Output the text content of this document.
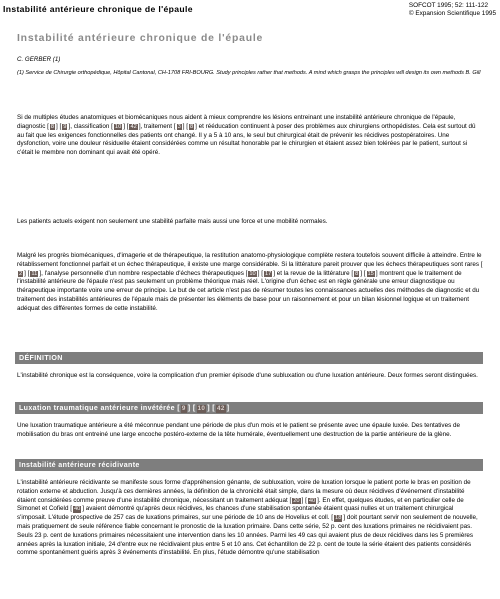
Instabilité antérieure chronique de l'épaule	SOFCOT 1995; 52: 111-122
© Expansion Scientifique 1995
Instabilité antérieure chronique de l'épaule
C. GERBER (1)
(1) Service de Chirurgie orthopédique, Hôpital Cantonal, CH-1708 FRI-BOURG. Study principles rather that methods. A mind which grasps the principles will design its own methods B. Gill

Si de multiples études anatomiques et biomécaniques nous aident à mieux comprendre les lésions entreinant une instabilité antérieure chronique de l'épaule, diagnostic [ 8 ] [ 9 ], classification [ 10 ] [ 42 ], traitement [ 3 ] [ 8 ] et rééducation continuent à poser des problèmes aux chirurgiens orthopédistes. Cela est surtout dû au fait que les exigences fonctionnelles des patients ont changé. Il y a 5 à 10 ans, le seul but chirurgical était de prévenir les récidives postopératoires. Une dysfonction, voire une douleur résiduelle étaient considérées comme un résultat honorable par le chirurgien et étaient assez bien tolérées par le patient, surtout si c'était le membre non dominant qui avait été opéré.

Les patients actuels exigent non seulement une stabilité parfaite mais aussi une force et une mobilité normales.

Malgré les progrès biomécaniques, d'imagerie et de thérapeutique, la restitution anatomo-physiologique complète restera toutefois souvent difficile à atteindre. Entre le rétablissement fonctionnel parfait et un échec thérapeutique, il existe une marge considérable. Si la littérature pareit prouver que les échecs thérapeutiques sont rares [2 ] [ 11 ], l'analyse personnelle d'un nombre respectable d'échecs thérapeutiques [ 10 ] [ 17 ] et la revue de la littérature [ 8 ] [ 15 ] montrent que le traitement de l'instabilité antérieure de l'épaule n'est pas seulement un problème théorique mais réel. L'origine d'un échec est en règle générale une erreur diagnostique ou thérapeutique importante voire une erreur de principe. Le but de cet article n'est pas de résumer toutes les connaissances actuelles des méthodes de diagnostic et du traitement des instabilités antérieures de l'épaule mais de présenter les éléments de base pour un raisonnement et pour un bilan lésionnel logique et un traitement adéquat des différentes formes de cette instabilité.

DÉFINITION

L'instabilité chronique est la conséquence, voire la complication d'un premier épisode d'une subluxation ou d'une luxation antérieure. Deux formes seront distinguées.

Luxation traumatique antérieure invétérée [ 9 ] [ 10 ] [ 42 ]

Une luxation traumatique antérieure a été méconnue pendant une période de plus d'un mois et le patient se présente avec une épaule luxée. Des tentatives de mobilisation du bras ont entreiné une large encoche postéro-externe de la tête humérale, éventuellement une destruction de la partie antérieure de la glène.

Instabilité antérieure récidivante

L'instabilité antérieure récidivante se manifeste sous forme d'appréhension génante, de subluxation, voire de luxation lorsque le patient porte le bras en position de rotation externe et abduction. Jusqu'à ces dernières années, la définition de la chronicité était simple, dans la mesure où deux récidives d'événement d'instabilité étaient considérées comme preuve d'une instabilité chronique, nécessitant un traitement adéquat [ 20 ] [ 40 ]. En effet, quelques études, et en particulier celle de Simonet et Cofield [ 40 ] avaient démontré qu'après deux récidives, les chances d'une stabilisation spontanée étaient quasi nulles et un traitement chirurgical s'imposait. L'étude prospective de 257 cas de luxations primaires, sur une période de 10 ans de Hovelius et coll. [ 18 ] doit pourtant servir non seulement de nouvelle, mais pratiquement de seule référence fiable concernant le pronostic de la luxation primaire. Dans cette série, 52 p. cent des luxations primaires ne récidivaient pas. Seuls 23 p. cent de luxations primaires nécessitaient une intervention dans les 10 années. Parmi les 49 cas qui avaient plus de deux récidives dans les 5 premières années après la luxation initiale, 24 d'entre eux ne récidivaient plus entre 5 et 10 ans. Cet échantillon de 22 p. cent de toute la série étaient des patients considérés comme spontanément guéris après 3 événements d'instabilité. En plus, l'étude démontre qu'une stabilisation
